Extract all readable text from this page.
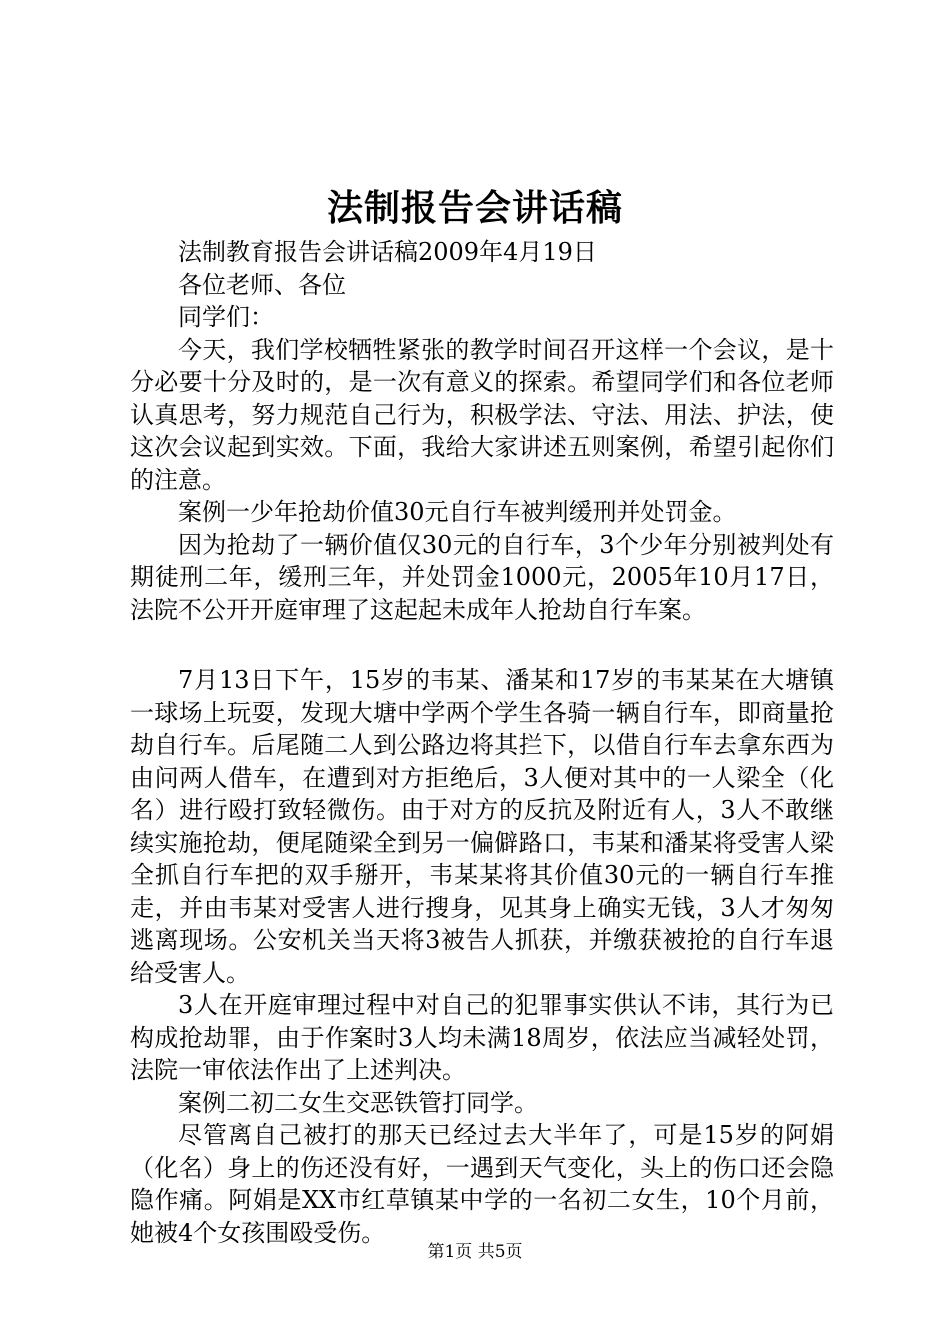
法制报告会讲话稿

法制教育报告会讲话稿2009年4月19日

各位老师、各位

同学们：

今天，我们学校牺牲紧张的教学时间召开这样一个会议，是十分必要十分及时的，是一次有意义的探索。希望同学们和各位老师认真思考，努力规范自己行为，积极学法、守法、用法、护法，使这次会议起到实效。下面，我给大家讲述五则案例，希望引起你们的注意。

案例一少年抢劫价值30元自行车被判缓刑并处罚金。

因为抢劫了一辆价值仅30元的自行车，3个少年分别被判处有期徒刑二年，缓刑三年，并处罚金1000元，2005年10月17日，法院不公开开庭审理了这起起未成年人抢劫自行车案。

7月13日下午，15岁的韦某、潘某和17岁的韦某某在大塘镇一球场上玩耍，发现大塘中学两个学生各骑一辆自行车，即商量抢劫自行车。后尾随二人到公路边将其拦下，以借自行车去拿东西为由问两人借车，在遭到对方拒绝后，3人便对其中的一人梁全（化名）进行殴打致轻微伤。由于对方的反抗及附近有人，3人不敢继续实施抢劫，便尾随梁全到另一偏僻路口，韦某和潘某将受害人梁全抓自行车把的双手掰开，韦某某将其价值30元的一辆自行车推走，并由韦某对受害人进行搜身，见其身上确实无钱，3人才匆匆逃离现场。公安机关当天将3被告人抓获，并缴获被抢的自行车退给受害人。

3人在开庭审理过程中对自己的犯罪事实供认不讳，其行为已构成抢劫罪，由于作案时3人均未满18周岁，依法应当减轻处罚，法院一审依法作出了上述判决。

案例二初二女生交恶铁管打同学。

尽管离自己被打的那天已经过去大半年了，可是15岁的阿娟（化名）身上的伤还没有好，一遇到天气变化，头上的伤口还会隐隐作痛。阿娟是XX市红草镇某中学的一名初二女生，10个月前，她被4个女孩围殴受伤。

第1页 共5页
